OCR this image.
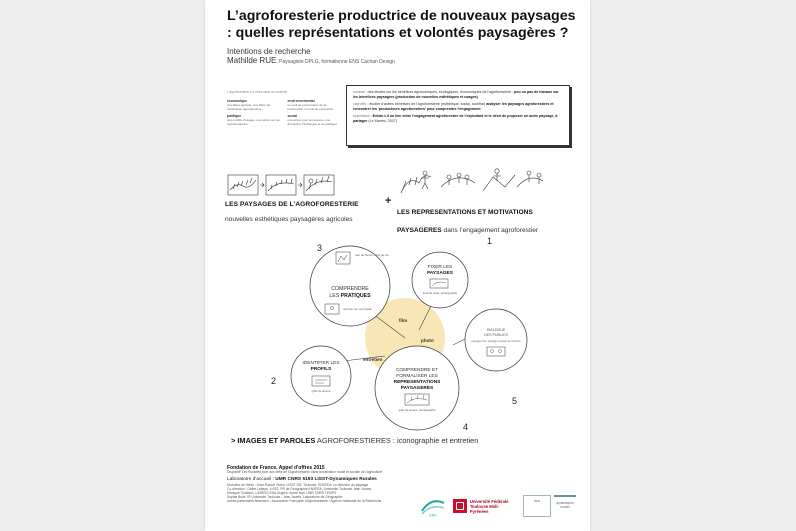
L’agroforesterie productrice de nouveaux paysages : quelles représentations et volontés paysagères ?
Intentions de recherche
Mathilde RUE, Paysagiste DPLG, formalienne ENS Cachan Design
L'agroforesterie a 4 rôles dans un contexte
économique
une filière agricole, une filière de valorisation agroforestière
environnemental
un outil de préservation de la biodiversité, un outil de production
politique
des conflits d'usages, une action sur les représentations
social
une action pour les acteurs, une démarche d'échanges et de partages

constat : des études sur les bénéfices agronomiques, écologiques, économiques de l'agroforesterie ; peu ou pas de travaux sur les bénéfices paysagers (production de nouvelles esthétiques et usages)

objectifs : étudier d'autres bénéfices de l'agroforesterie (esthétique, social, sociétal) analyser les paysages agroforestiers et rencontrer les 'producteurs agroforestiers' pour comprendre l'engagement

hypothèse : Existe-t-il un lien entre l'engagement agroforestier de l'exploitant et le désir de proposer un autre paysage, à partager (Le Marrec, 2007)

LES PAYSAGES DE L’AGROFORESTERIE
nouvelles esthétiques paysagères agricoles
+
LES REPRESENTATIONS ET MOTIVATIONS
PAYSAGERES dans l’engagement agroforestier
3
1
2
4
5
tour de ferme, récit de vie
COMPRENDRE
LES PRATIQUES
récit de vie, au travail
FIXER LES
PAYSAGES
fond de carte, photographie
IDENTIFIER LES
PROFILS
grille de lecture
COMPRENDRE ET
FORMALISER LES
REPRESENTATIONS
PAYSAGERES
grille de lecture, photographie
DIALOGUE
DES PUBLICS
paysage, film, partage et projet de territoire
film
photo
entretien
> IMAGES ET PAROLES AGROFORESTIERES : iconographie et entretien
Fondation de France, Appel d'offres 2015
Dispositif 'Les Ruralités face aux défis de l'Agroforesterie dans la transition rurale et sociale de l'agriculture'
Laboratoire d’accueil : UMR CNRS 5193 LISST-Dynamiques Rurales
Directeur de thèse : Jean-Pascal Vivien, LISST-DR, Toulouse, ENSFEA; co-direction du paysage
Co-direction : Didier Labaye, LISST, PR de Géographie ENSFEA, Université Toulouse Jean Jaurès
Monique Toublanc, LARESS-ESA Angers; Sylvie Nail, UMR CNRS TEMPS
Sophie Bulle, IR Université Toulouse - Jean Jaurès, Laboratoire de Géographie
Autres partenaires financiers : Association Française d'Agroforesterie / Agence Nationale de la Recherche
ENS
Université Fédérale
Toulouse Midi-Pyrénées
lisst	dynamiques rurales
